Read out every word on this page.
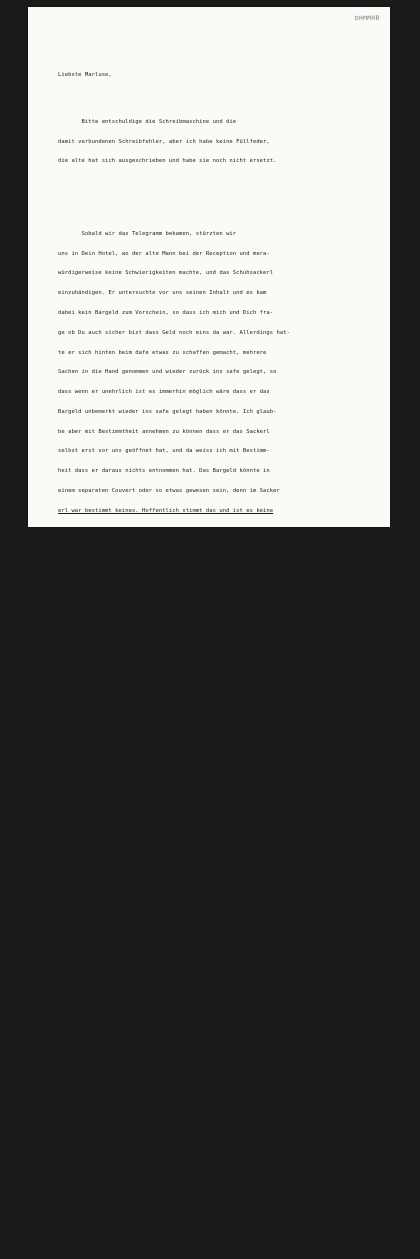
DHMMHB

Liebste Marluse,

Bitte entschuldige die Schreibmaschine und die

damit verbundenen Schreibfehler, aber ich habe keine Füllfeder,

die alte hat sich ausgeschrieben und habe sie noch nicht ersetzt.

Sobald wir das Telegramm bekamen, stürzten wir

uns in Dein Hotel, wo der alte Mann bei der Reception und mera-

würdigerweise keine Schwierigkeiten machte, und das Schuhsackerl

einzuhändigen. Er untersuchte vor uns seinen Inhalt und es kam

dabei kein Bargeld zum Vorschein, so dass ich mich und Dich fra-

ge ob Du auch sicher bist dass Geld noch eins da war. Allerdings hat-

te er sich hinten beim dafe etwas zu schaffen gemacht, mehrere

Sachen in die Hand genommen und wieder zurück ins safe gelegt, so

dass wenn er unehrlich ist es immerhin möglich wäre dass er das

Bargeld unbemerkt wieder ins safe gelegt haben könnte. Ich glaub-

be aber mit Bestimmtheit annehmen zu können dass er das Sackerl

selbst erst vor uns geöffnet hat, und da weiss ich mit Bestimm-

heit dass er daraus nichts entnommen hat. Das Bargeld könnte in

einem separaten Couvert oder so etwas gewesen sein, denn im Sacker

erl war bestimmt keines. Hoffentlich stimmt das und ist es keine

Enttäuschung. Schicken tue ich Dir es aber lieber in die Schweiz,

da mir das aus verschiedenen Gründen sicherer erscheint.

Es war wunderschön, die wenigen Momente mit Dir

zusammen zu sein, und es tut mir dann immer so leid dass wir so

weit weg von einander leben. Auch Du bist bei weitem keine origi-

nellste und interessanteste Freundin und ich spreche sehr viele,

mit vielen Leuten so gut wie mit Dir. Hoffentlich wird bald et-

was aus Deiner Amerikareise, denn es würde mir riesigen Spass ma-

chen Dir die Wildnis zu zeigen und Mexico mit Dir zu explorieren.

Das mit dem der Nachwelt etwas zu hinterlassen ist nicht so leicht,

an Besten eigene) sich dazu die bildenden Künste oder die Musik-

komposition-aber da muss man es doch besse können als ich. Ich

könnte allerhöchstens etwas schreiben,-aber auch da: was kann man

(ausser auf wissenschaftlichem Gebiet) sagen, was ein anderer vor

uns nicht schon besser gesagt hat? Wenn mein Mann kommt, möchte

ich wirklich gerne dass wir uns wo treffen können, denn er ist ein

wirklich seltener Mensch-einer der wenigen, die einem mit der gan-

zen Menschheit versöhnen,-.

Unsere Autoreise ging in Schneckentempo aber

ganz glatt vorsich, die Temperatur war angenehm, das Hotel gut,

das Berühm e Restaurant in Vienne aber, auf das wir uns schon so

freuten weil wir seit vor dem Krieg nicht mehr dort gegessen hat-

ten, war leider an Dienstag zu. Sonst aber genoss meine Mama die

Reise sehr, und das machte mir natürlich selber Spass. Hier fan-

den wir grosse Trockenheit aber glücklicherweise keine grosse Hitz-

ze, meine Mamte und ihre Tochter die sich beide gut an Dich erin-

nern und Dir die besten Grüsse schicken. Hier bin ich stink-

faul und rühe mich aus, dabei mache ich mit Gewissensbisse dass es

mir so gut geht während mein Mann sich noch in Phoenix mit allerl-

lei Dummheiten aus dem Geschäftsleben abplagen muss. Hoffentlich

ist er bald davon erlöst.
